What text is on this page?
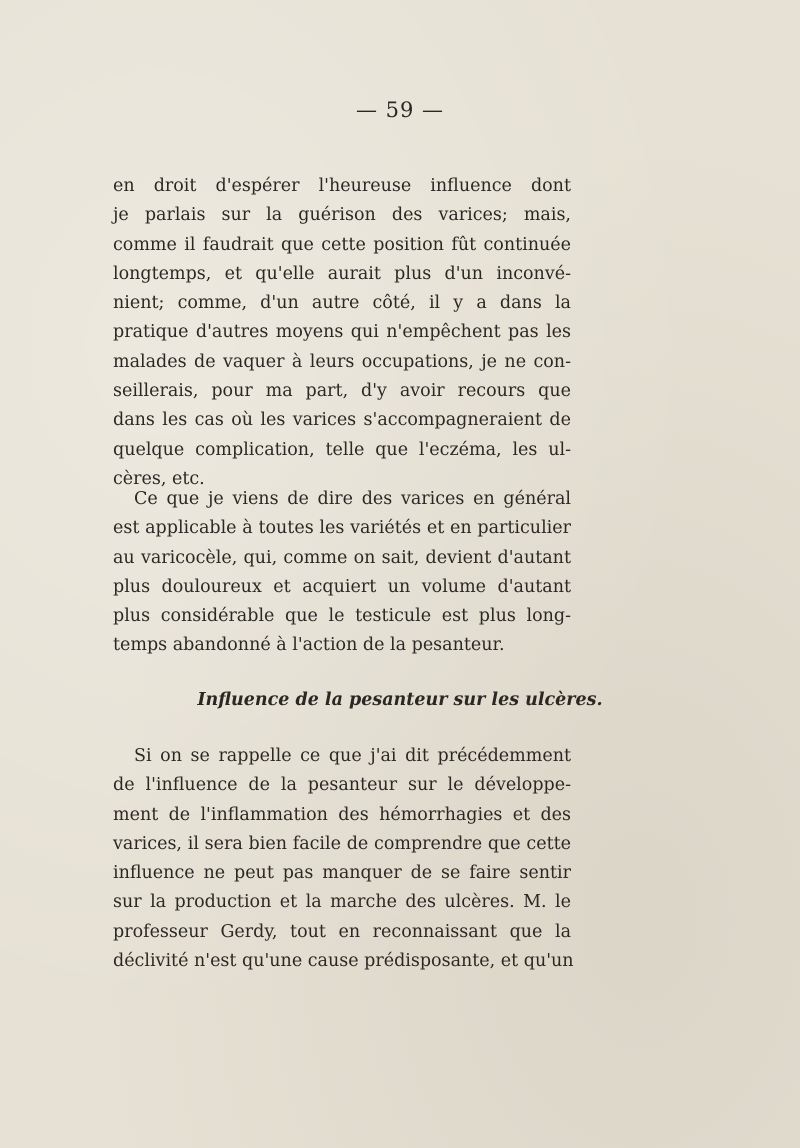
— 59 —
en droit d'espérer l'heureuse influence dont
je parlais sur la guérison des varices; mais,
comme il faudrait que cette position fût continuée
longtemps, et qu'elle aurait plus d'un inconvé-
nient; comme, d'un autre côté, il y a dans la
pratique d'autres moyens qui n'empêchent pas les
malades de vaquer à leurs occupations, je ne con-
seillerais, pour ma part, d'y avoir recours que
dans les cas où les varices s'accompagneraient de
quelque complication, telle que l'eczéma, les ul-
cères, etc.
Ce que je viens de dire des varices en général
est applicable à toutes les variétés et en particulier
au varicocèle, qui, comme on sait, devient d'autant
plus douloureux et acquiert un volume d'autant
plus considérable que le testicule est plus long-
temps abandonné à l'action de la pesanteur.
Influence de la pesanteur sur les ulcères.
Si on se rappelle ce que j'ai dit précédemment
de l'influence de la pesanteur sur le développe-
ment de l'inflammation des hémorrhagies et des
varices, il sera bien facile de comprendre que cette
influence ne peut pas manquer de se faire sentir
sur la production et la marche des ulcères. M. le
professeur Gerdy, tout en reconnaissant que la
déclivité n'est qu'une cause prédisposante, et qu'un
